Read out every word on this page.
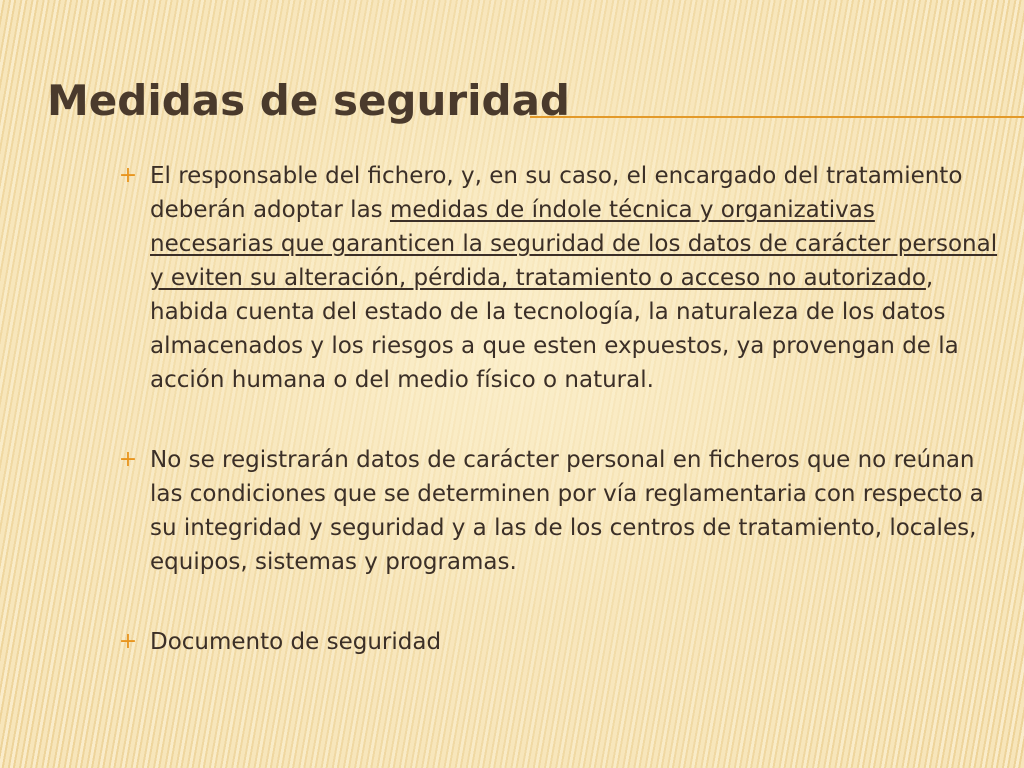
Medidas de seguridad
+ El responsable del fichero, y, en su caso, el encargado del tratamiento deberán adoptar las medidas de índole técnica y organizativas necesarias que garanticen la seguridad de los datos de carácter personal y eviten su alteración, pérdida, tratamiento o acceso no autorizado, habida cuenta del estado de la tecnología, la naturaleza de los datos almacenados y los riesgos a que esten expuestos, ya provengan de la acción humana o del medio físico o natural.
+ No se registrarán datos de carácter personal en ficheros que no reúnan las condiciones que se determinen por vía reglamentaria con respecto a su integridad y seguridad y a las de los centros de tratamiento, locales, equipos, sistemas y programas.
+ Documento de seguridad
